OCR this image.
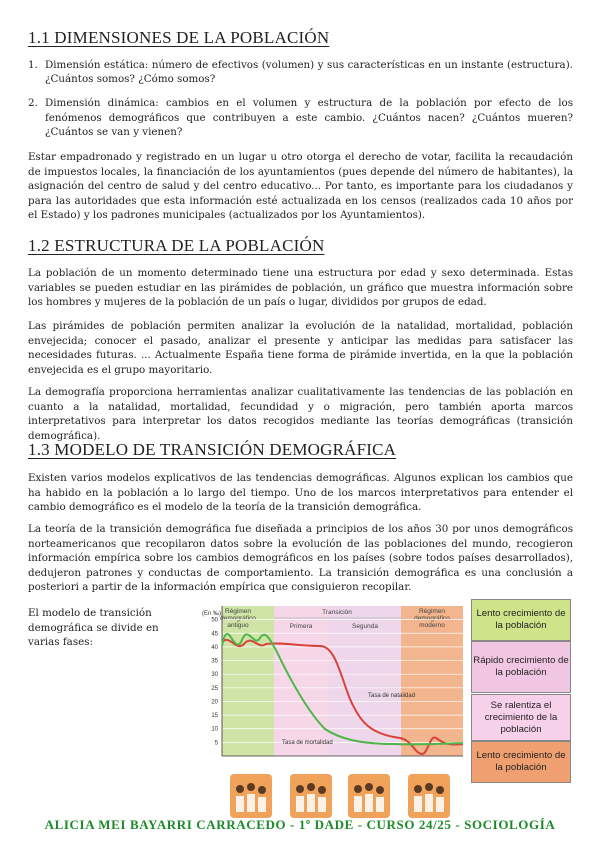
1.1 DIMENSIONES DE LA POBLACIÓN
1. Dimensión estática: número de efectivos (volumen) y sus características en un instante (estructura). ¿Cuántos somos? ¿Cómo somos?
2. Dimensión dinámica: cambios en el volumen y estructura de la población por efecto de los fenómenos demográficos que contribuyen a este cambio. ¿Cuántos nacen? ¿Cuántos mueren? ¿Cuántos se van y vienen?

Estar empadronado y registrado en un lugar u otro otorga el derecho de votar, facilita la recaudación de impuestos locales, la financiación de los ayuntamientos (pues depende del número de habitantes), la asignación del centro de salud y del centro educativo... Por tanto, es importante para los ciudadanos y para las autoridades que esta información esté actualizada en los censos (realizados cada 10 años por el Estado) y los padrones municipales (actualizados por los Ayuntamientos).

1.2 ESTRUCTURA DE LA POBLACIÓN

La población de un momento determinado tiene una estructura por edad y sexo determinada. Estas variables se pueden estudiar en las pirámides de población, un gráfico que muestra información sobre los hombres y mujeres de la población de un país o lugar, divididos por grupos de edad.

Las pirámides de población permiten analizar la evolución de la natalidad, mortalidad, población envejecida; conocer el pasado, analizar el presente y anticipar las medidas para satisfacer las necesidades futuras. ... Actualmente España tiene forma de pirámide invertida, en la que la población envejecida es el grupo mayoritario.

La demografía proporciona herramientas analizar cualitativamente las tendencias de las población en cuanto a la natalidad, mortalidad, fecundidad y o migración, pero también aporta marcos interpretativos para interpretar los datos recogidos mediante las teorías demográficas (transición demográfica).

1.3 MODELO DE TRANSICIÓN DEMOGRÁFICA

Existen varios modelos explicativos de las tendencias demográficas. Algunos explican los cambios que ha habido en la población a lo largo del tiempo. Uno de los marcos interpretativos para entender el cambio demográfico es el modelo de la teoría de la transición demográfica.

La teoría de la transición demográfica fue diseñada a principios de los años 30 por unos demográficos norteamericanos que recopilaron datos sobre la evolución de las poblaciones del mundo, recogieron información empírica sobre los cambios demográficos en los países (sobre todos países desarrollados), dedujeron patrones y conductas de comportamiento. La transición demográfica es una conclusión a posteriori a partir de la información empírica que consiguieron recopilar.

El modelo de transición demográfica se divide en varias fases:

Régimen
demográfico
antiguo
Transición
Primera	Segunda
Régimen
demográfico
moderno
(En ‰)
5
10
15
20
25
30
35
40
45
50
Tasa de natalidad
Tasa de mortalidad
Lento crecimiento de la población
Rápido crecimiento de la población
Se ralentiza el crecimiento de la población
Lento crecimiento de la población
ALICIA MEI BAYARRI CARRACEDO - 1º DADE - CURSO 24/25 - SOCIOLOGÍA
